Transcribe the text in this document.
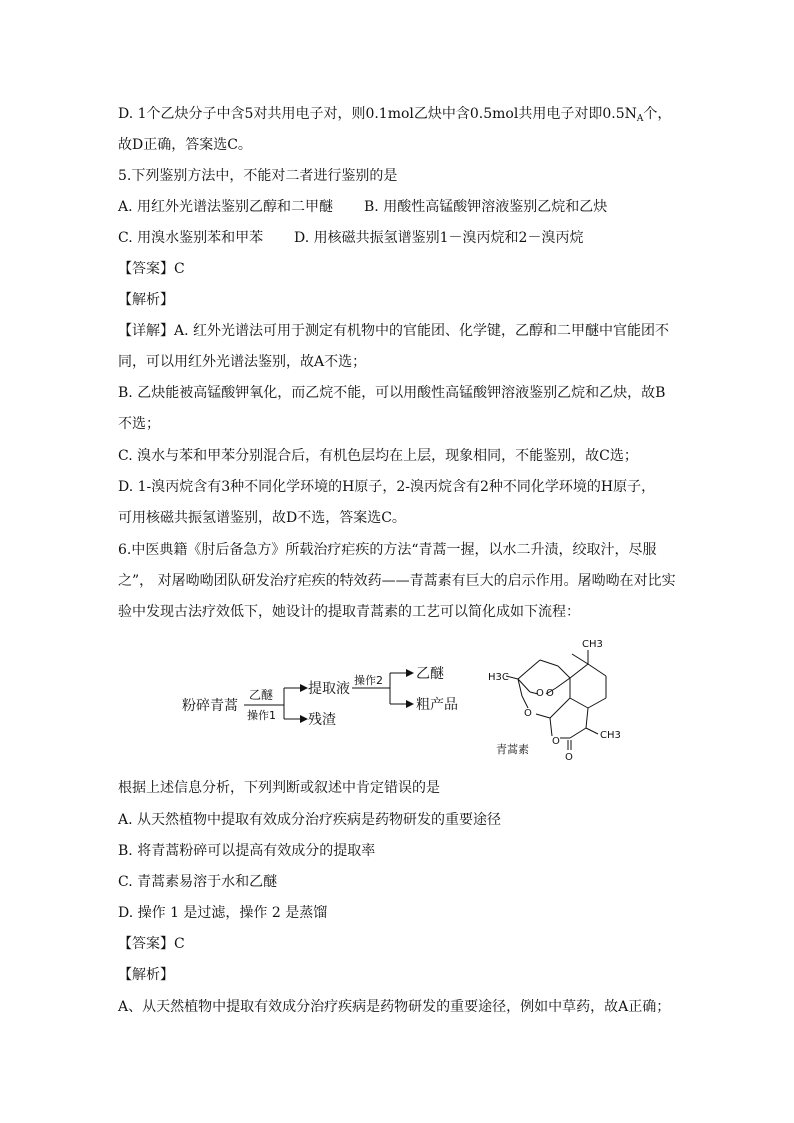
D. 1个乙炔分子中含5对共用电子对，则0.1mol乙炔中含0.5mol共用电子对即$0.5N_A$个，
故D正确，答案选C。
5.下列鉴别方法中，不能对二者进行鉴别的是
【答案】C
【解析】
【详解】A. 红外光谱法可用于测定有机物中的官能团、化学键，乙醇和二甲醚中官能团不
同，可以用红外光谱法鉴别，故A不选；
B. 乙炔能被高锰酸钾氧化，而乙烷不能，可以用酸性高锰酸钾溶液鉴别乙烷和乙炔，故B
不选；
C. 溴水与苯和甲苯分别混合后，有机色层均在上层，现象相同，不能鉴别，故C选；
D. 1-溴丙烷含有3种不同化学环境的H原子，2-溴丙烷含有2种不同化学环境的H原子，
可用核磁共振氢谱鉴别，故D不选，答案选C。
6.中医典籍《肘后备急方》所载治疗疟疾的方法“青蒿一握，以水二升渍，绞取汁，尽服
之”， 对屠呦呦团队研发治疗疟疾的特效药——青蒿素有巨大的启示作用。屠呦呦在对比实
验中发现古法疗效低下，她设计的提取青蒿素的工艺可以简化成如下流程：
根据上述信息分析，下列判断或叙述中肯定错误的是
A. 从天然植物中提取有效成分治疗疾病是药物研发的重要途径
B. 将青蒿粉碎可以提高有效成分的提取率
C. 青蒿素易溶于水和乙醚
D. 操作 1 是过滤，操作 2 是蒸馏
【答案】C
【解析】
A、从天然植物中提取有效成分治疗疾病是药物研发的重要途径，例如中草药，故A正确；
A. 用红外光谱法鉴别乙醇和二甲醚 B. 用酸性高锰酸钾溶液鉴别乙烷和乙炔
C. 用溴水鉴别苯和甲苯 D. 用核磁共振氢谱鉴别1－溴丙烷和2－溴丙烷
粉碎青蒿
乙醚
操作1
提取液
残渣
操作2 乙醚
粗产品
CH3
H3C
CH3
O
O O
O
O
青蒿素
